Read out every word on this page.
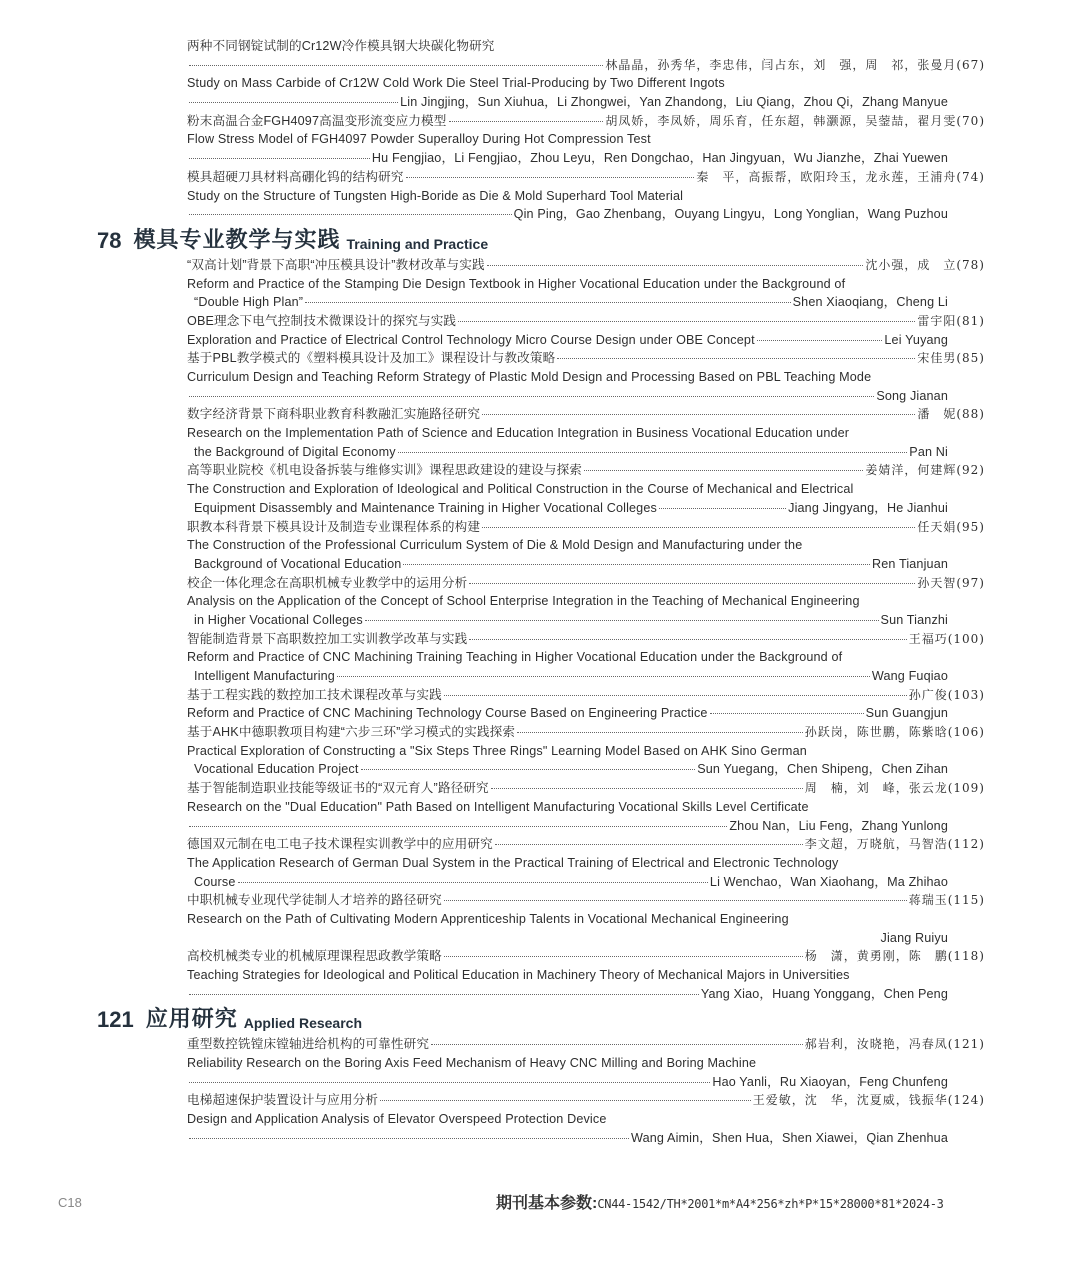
两种不同钢锭试制的Cr12W冷作模具钢大块碳化物研究
林晶晶，孙秀华，李忠伟，闫占东，刘　强，周　祁，张曼月(67)
Study on Mass Carbide of Cr12W Cold Work Die Steel Trial-Producing by Two Different Ingots
Lin Jingjing，Sun Xiuhua，Li Zhongwei，Yan Zhandong，Liu Qiang，Zhou Qi，Zhang Manyue
粉末高温合金FGH4097高温变形流变应力模型	胡凤娇，李凤娇，周乐育，任东超，韩灏源，吴蓥喆，翟月雯(70)
Flow Stress Model of FGH4097 Powder Superalloy During Hot Compression Test
Hu Fengjiao，Li Fengjiao，Zhou Leyu，Ren Dongchao，Han Jingyuan，Wu Jianzhe，Zhai Yuewen
模具超硬刀具材料高硼化钨的结构研究	秦　平，高振帮，欧阳玲玉，龙永莲，王浦舟(74)
Study on the Structure of Tungsten High-Boride as Die & Mold Superhard Tool Material
Qin Ping，Gao Zhenbang，Ouyang Lingyu，Long Yonglian，Wang Puzhou
78 模具专业教学与实践 Training and Practice
“双高计划”背景下高职“冲压模具设计”教材改革与实践	沈小强，成　立(78)
Reform and Practice of the Stamping Die Design Textbook in Higher Vocational Education under the Background of
“Double High Plan”	Shen Xiaoqiang，Cheng Li
OBE理念下电气控制技术微课设计的探究与实践	雷宇阳(81)
Exploration and Practice of Electrical Control Technology Micro Course Design under OBE Concept	Lei Yuyang
基于PBL教学模式的《塑料模具设计及加工》课程设计与教改策略	宋佳男(85)
Curriculum Design and Teaching Reform Strategy of Plastic Mold Design and Processing Based on PBL Teaching Mode
Song Jianan
数字经济背景下商科职业教育科教融汇实施路径研究	潘　妮(88)
Research on the Implementation Path of Science and Education Integration in Business Vocational Education under
the Background of Digital Economy	Pan Ni
高等职业院校《机电设备拆装与维修实训》课程思政建设的建设与探索	姜婧洋，何建辉(92)
The Construction and Exploration of Ideological and Political Construction in the Course of Mechanical and Electrical
Equipment Disassembly and Maintenance Training in Higher Vocational Colleges	Jiang Jingyang，He Jianhui
职教本科背景下模具设计及制造专业课程体系的构建	任天娟(95)
The Construction of the Professional Curriculum System of Die & Mold Design and Manufacturing under the
Background of Vocational Education	Ren Tianjuan
校企一体化理念在高职机械专业教学中的运用分析	孙天智(97)
Analysis on the Application of the Concept of School Enterprise Integration in the Teaching of Mechanical Engineering
in Higher Vocational Colleges	Sun Tianzhi
智能制造背景下高职数控加工实训教学改革与实践	王福巧(100)
Reform and Practice of CNC Machining Training Teaching in Higher Vocational Education under the Background of
Intelligent Manufacturing	Wang Fuqiao
基于工程实践的数控加工技术课程改革与实践	孙广俊(103)
Reform and Practice of CNC Machining Technology Course Based on Engineering Practice	Sun Guangjun
基于AHK中德职教项目构建“六步三环”学习模式的实践探索	孙跃岗，陈世鹏，陈紫晗(106)
Practical Exploration of Constructing a "Six Steps Three Rings" Learning Model Based on AHK Sino German
Vocational Education Project	Sun Yuegang，Chen Shipeng，Chen Zihan
基于智能制造职业技能等级证书的“双元育人”路径研究	周　楠，刘　峰，张云龙(109)
Research on the "Dual Education" Path Based on Intelligent Manufacturing Vocational Skills Level Certificate
Zhou Nan，Liu Feng，Zhang Yunlong
德国双元制在电工电子技术课程实训教学中的应用研究	李文超，万晓航，马智浩(112)
The Application Research of German Dual System in the Practical Training of Electrical and Electronic Technology
Course	Li Wenchao，Wan Xiaohang，Ma Zhihao
中职机械专业现代学徒制人才培养的路径研究	蒋瑞玉(115)
Research on the Path of Cultivating Modern Apprenticeship Talents in Vocational Mechanical Engineering
Jiang Ruiyu
高校机械类专业的机械原理课程思政教学策略	杨　潇，黄勇刚，陈　鹏(118)
Teaching Strategies for Ideological and Political Education in Machinery Theory of Mechanical Majors in Universities
Yang Xiao，Huang Yonggang，Chen Peng
121 应用研究 Applied Research
重型数控铣镗床镗轴进给机构的可靠性研究	郝岩利，汝晓艳，冯春凤(121)
Reliability Research on the Boring Axis Feed Mechanism of Heavy CNC Milling and Boring Machine
Hao Yanli，Ru Xiaoyan，Feng Chunfeng
电梯超速保护装置设计与应用分析	王爱敏，沈　华，沈夏威，钱振华(124)
Design and Application Analysis of Elevator Overspeed Protection Device
Wang Aimin，Shen Hua，Shen Xiawei，Qian Zhenhua
C18	期刊基本参数:CN44-1542/TH*2001*m*A4*256*zh*P*15*28000*81*2024-3
